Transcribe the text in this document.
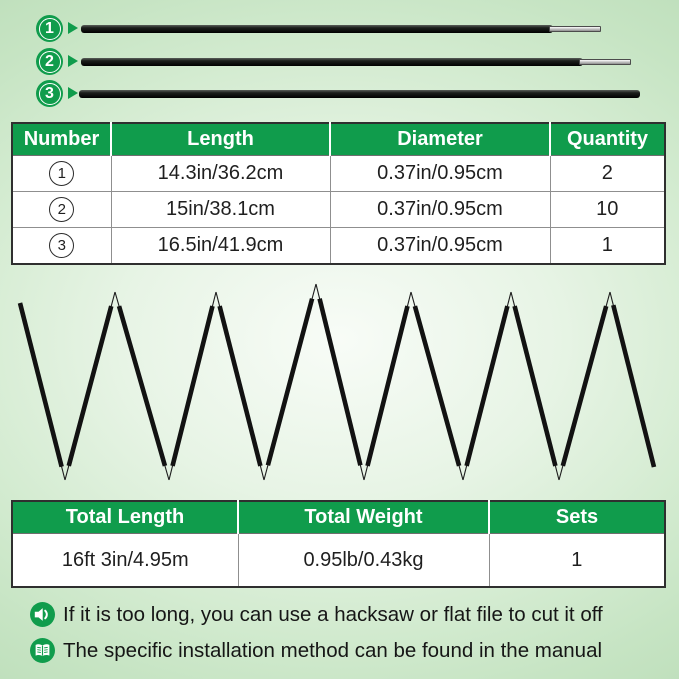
1
2
3
Number	Length	Diameter	Quantity
1	14.3in/36.2cm	0.37in/0.95cm	2
2	15in/38.1cm	0.37in/0.95cm	10
3	16.5in/41.9cm	0.37in/0.95cm	1
Total Length	Total Weight	Sets
16ft 3in/4.95m	0.95lb/0.43kg	1
If it is too long, you can use a hacksaw or flat file to cut it off
The specific installation method can be found in the manual
